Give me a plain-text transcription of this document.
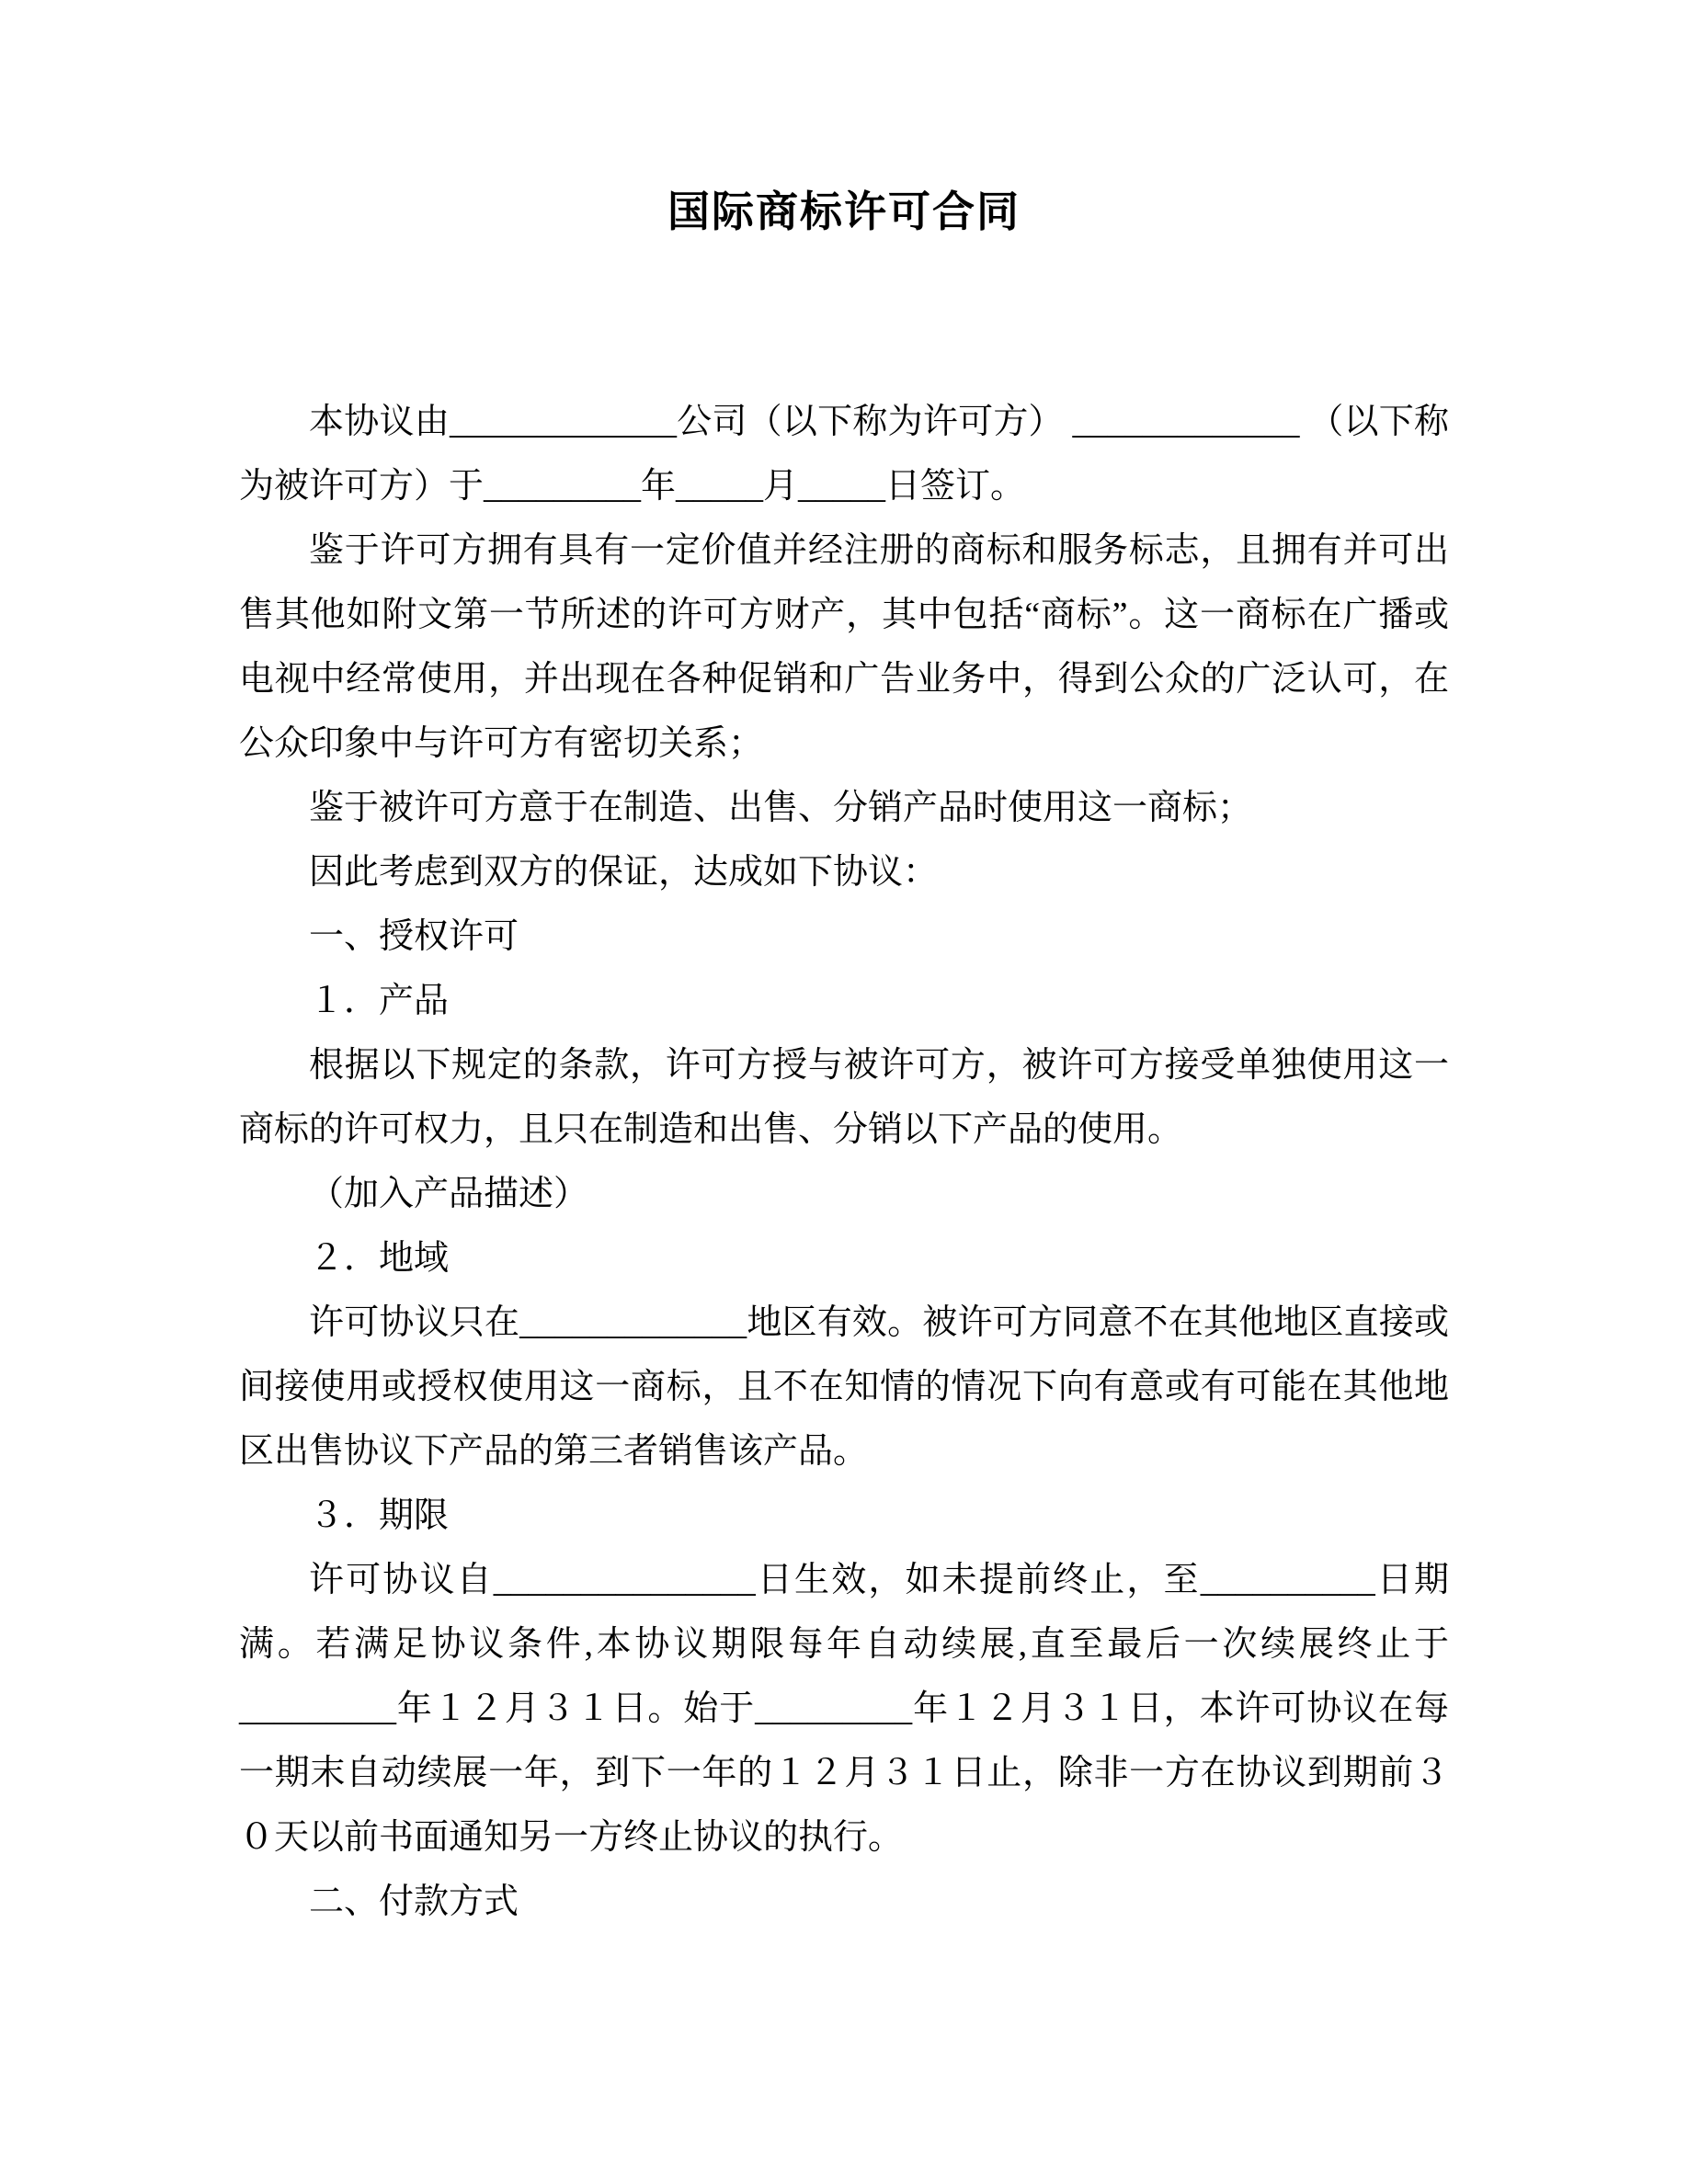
国际商标许可合同

本协议由_____________公司（以下称为许可方） _____________ （以下称为被许可方）于_________年_____月_____日签订。

鉴于许可方拥有具有一定价值并经注册的商标和服务标志，且拥有并可出售其他如附文第一节所述的许可方财产，其中包括“商标”。这一商标在广播或电视中经常使用，并出现在各种促销和广告业务中，得到公众的广泛认可，在公众印象中与许可方有密切关系；

鉴于被许可方意于在制造、出售、分销产品时使用这一商标；

因此考虑到双方的保证，达成如下协议：

一、授权许可

１．产品

根据以下规定的条款，许可方授与被许可方，被许可方接受单独使用这一商标的许可权力，且只在制造和出售、分销以下产品的使用。

（加入产品描述）

２．地域

许可协议只在_____________地区有效。被许可方同意不在其他地区直接或间接使用或授权使用这一商标，且不在知情的情况下向有意或有可能在其他地区出售协议下产品的第三者销售该产品。

３．期限

许可协议自_______________日生效，如未提前终止，至__________日期满。若满足协议条件,本协议期限每年自动续展,直至最后一次续展终止于_________年１２月３１日。始于_________年１２月３１日，本许可协议在每一期末自动续展一年，到下一年的１２月３１日止，除非一方在协议到期前３０天以前书面通知另一方终止协议的执行。

二、付款方式
